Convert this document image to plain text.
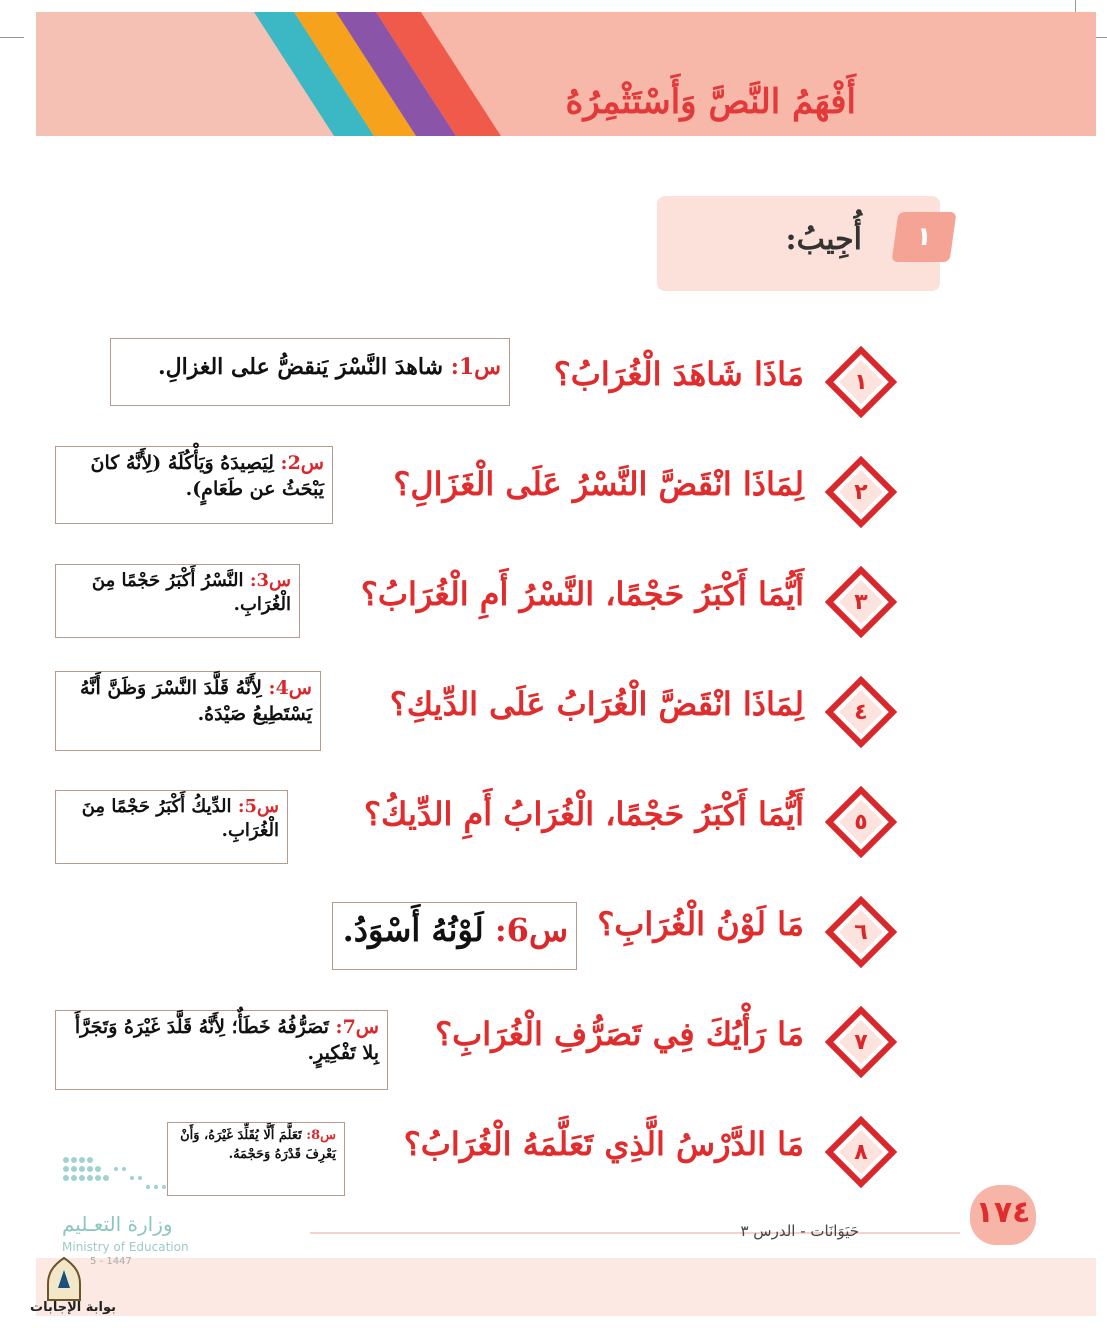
أَفْهَمُ النَّصَّ وَأَسْتَثْمِرُهُ
١
أُجِيبُ:
١
مَاذَا شَاهَدَ الْغُرَابُ؟
س1: شاهدَ النَّسْرَ يَنقضُّ على الغزالِ.
٢
لِمَاذَا انْقَضَّ النَّسْرُ عَلَى الْغَزَالِ؟
س2: لِيَصِيدَهُ وَيَأْكُلَهُ (لِأَنَّهُ كانَ يَبْحَثُ عن طَعَامٍ).
٣
أَيُّمَا أَكْبَرُ حَجْمًا، النَّسْرُ أَمِ الْغُرَابُ؟
س3: النَّسْرُ أَكْبَرُ حَجْمًا مِنَ الْغُرَابِ.
٤
لِمَاذَا انْقَضَّ الْغُرَابُ عَلَى الدِّيكِ؟
س4: لِأَنَّهُ قَلَّدَ النَّسْرَ وَظَنَّ أَنَّهُ يَسْتَطِيعُ صَيْدَهُ.
٥
أَيُّمَا أَكْبَرُ حَجْمًا، الْغُرَابُ أَمِ الدِّيكُ؟
س5: الدِّيكُ أَكْبَرُ حَجْمًا مِنَ الْغُرَابِ.
٦
مَا لَوْنُ الْغُرَابِ؟
س6: لَوْنُهُ أَسْوَدُ.
٧
مَا رَأْيُكَ فِي تَصَرُّفِ الْغُرَابِ؟
س7: تَصَرُّفُهُ خَطَأٌ؛ لِأَنَّهُ قَلَّدَ غَيْرَهُ وَتَجَرَّأَ بِلا تَفْكِيرٍ.
٨
مَا الدَّرْسُ الَّذِي تَعَلَّمَهُ الْغُرَابُ؟
س8: تَعَلَّمَ أَلَّا يُقَلِّدَ غَيْرَهُ، وَأَنْ يَعْرِفَ قَدْرَهُ وَحَجْمَهُ.
حَيَوَانَات - الدرس ٣
١٧٤
وزارة التعـليم
Ministry of Education
5 - 1447
بوابة الإجابات
